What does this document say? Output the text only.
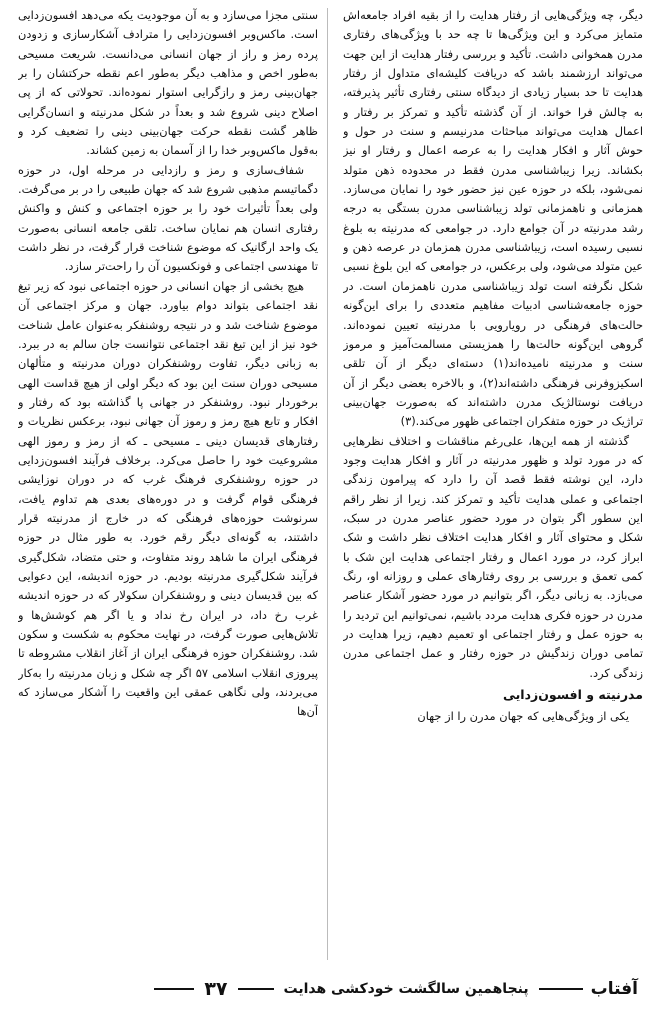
دیگر، چه ویژگی‌هایی از رفتار هدایت را از بقیه افراد جامعه‌اش متمایز می‌کرد و این ویژگی‌ها تا چه حد با ویژگی‌های رفتاری مدرن همخوانی داشت. تأکید و بررسی رفتار هدایت از این جهت می‌تواند ارزشمند باشد که دریافت کلیشه‌ای متداول از رفتار هدایت تا حد بسیار زیادی از دیدگاه سنتی رفتاری تأثیر پذیرفته، به چالش فرا خواند. از آن گذشته تأکید و تمرکز بر رفتار و اعمال هدایت می‌تواند مباحثات مدرنیسم و سنت در حول و حوش آثار و افکار هدایت را به عرصه اعمال و رفتار او نیز بکشاند. زیرا زیباشناسی مدرن فقط در محدوده ذهن متولد نمی‌شود، بلکه در حوزه عین نیز حضور خود را نمایان می‌سازد. همزمانی و ناهمزمانی تولد زیباشناسی مدرن بستگی به درجه رشد مدرنیته در آن جوامع دارد. در جوامعی که مدرنیته به بلوغ نسبی رسیده است، زیباشناسی مدرن همزمان در عرصه ذهن و عین متولد می‌شود، ولی برعکس، در جوامعی که این بلوغ نسبی شکل نگرفته است تولد زیباشناسی مدرن ناهمزمان است. در حوزه جامعه‌شناسی ادبیات مفاهیم متعددی را برای این‌گونه حالت‌های فرهنگی در رویارویی با مدرنیته تعیین نموده‌اند. گروهی این‌گونه حالت‌ها را همزیستی مسالمت‌آمیز و مرموز سنت و مدرنیته نامیده‌اند(۱) دسته‌ای دیگر از آن تلقی اسکیزوفرنی فرهنگی داشته‌اند(۲)، و بالاخره بعضی دیگر از آن دریافت نوستالژیک مدرن داشته‌اند که به‌صورت جهان‌بینی تراژیک در حوزه متفکران اجتماعی ظهور می‌کند.(۳)

گذشته از همه این‌ها، علی‌رغم مناقشات و اختلاف نظرهایی که در مورد تولد و ظهور مدرنیته در آثار و افکار هدایت وجود دارد، این نوشته فقط قصد آن را دارد که پیرامون زندگی اجتماعی و عملی هدایت تأکید و تمرکز کند. زیرا از نظر راقم این سطور اگر بتوان در مورد حضور عناصر مدرن در سبک، شکل و محتوای آثار و افکار هدایت اختلاف نظر داشت و شک ابراز کرد، در مورد اعمال و رفتار اجتماعی هدایت این شک با کمی تعمق و بررسی بر روی رفتارهای عملی و روزانه او، رنگ می‌بازد. به زبانی دیگر، اگر بتوانیم در مورد حضور آشکار عناصر مدرن در حوزه فکری هدایت مردد باشیم، نمی‌توانیم این تردید را به حوزه عمل و رفتار اجتماعی او تعمیم دهیم، زیرا هدایت در تمامی دوران زندگیش در حوزه رفتار و عمل اجتماعی مدرن زندگی کرد.

مدرنیته و افسون‌زدایی

یکی از ویژگی‌هایی که جهان مدرن را از جهان

سنتی مجزا می‌سازد و به آن موجودیت یکه می‌دهد افسون‌زدایی است. ماکس‌وبر افسون‌زدایی را مترادف آشکارسازی و زدودن پرده رمز و راز از جهان انسانی می‌دانست. شریعت مسیحی به‌طور اخص و مذاهب دیگر به‌طور اعم نقطه حرکتشان را بر جهان‌بینی رمز و رازگرایی استوار نموده‌اند. تحولاتی که از پی اصلاح دینی شروع شد و بعداً در شکل مدرنیته و انسان‌گرایی ظاهر گشت نقطه حرکت جهان‌بینی دینی را تضعیف کرد و به‌قول ماکس‌وبر خدا را از آسمان به زمین کشاند.

شفاف‌سازی و رمز و رازدایی در مرحله اول، در حوزه دگماتیسم مذهبی شروع شد که جهان طبیعی را در بر می‌گرفت. ولی بعداً تأثیرات خود را بر حوزه اجتماعی و کنش و واکنش رفتاری انسان هم نمایان ساخت. تلقی جامعه انسانی به‌صورت یک واحد ارگانیک که موضوع شناخت قرار گرفت، در نظر داشت تا مهندسی اجتماعی و فونکسیون آن را راحت‌تر سازد.

هیچ بخشی از جهان انسانی در حوزه اجتماعی نبود که زیر تیغ نقد اجتماعی بتواند دوام بیاورد. جهان و مرکز اجتماعی آن موضوع شناخت شد و در نتیجه روشنفکر به‌عنوان عامل شناخت خود نیز از این تیغ نقد اجتماعی نتوانست جان سالم به در ببرد. به زبانی دیگر، تفاوت روشنفکران دوران مدرنیته و متألهان مسیحی دوران سنت این بود که دیگر اولی از هیچ قداست الهی برخوردار نبود. روشنفکر در جهانی پا گذاشته بود که رفتار و افکار و تابع هیچ رمز و رموز آن جهانی نبود، برعکس نظریات و رفتارهای قدیسان دینی ـ مسیحی ـ که از رمز و رموز الهی مشروعیت خود را حاصل می‌کرد. برخلاف فرآیند افسون‌زدایی در حوزه روشنفکری فرهنگ غرب که در دوران نوزایشی فرهنگی قوام گرفت و در دوره‌های بعدی هم تداوم یافت، سرنوشت حوزه‌های فرهنگی که در خارج از مدرنیته قرار داشتند، به گونه‌ای دیگر رقم خورد. به طور مثال در حوزه فرهنگی ایران ما شاهد روند متفاوت، و حتی متضاد، شکل‌گیری فرآیند شکل‌گیری مدرنیته بودیم. در حوزه اندیشه، این دعوایی که بین قدیسان دینی و روشنفکران سکولار که در حوزه اندیشه غرب رخ داد، در ایران رخ نداد و یا اگر هم کوشش‌ها و تلاش‌هایی صورت گرفت، در نهایت محکوم به شکست و سکون شد. روشنفکران حوزه فرهنگی ایران از آغاز انقلاب مشروطه تا پیروزی انقلاب اسلامی ۵۷ اگر چه شکل و زبان مدرنیته را به‌کار می‌بردند، ولی نگاهی عمقی این واقعیت را آشکار می‌سازد که آن‌ها

آفتاب
پنجاهمین سالگشت خودکشی هدایت
۳۷
